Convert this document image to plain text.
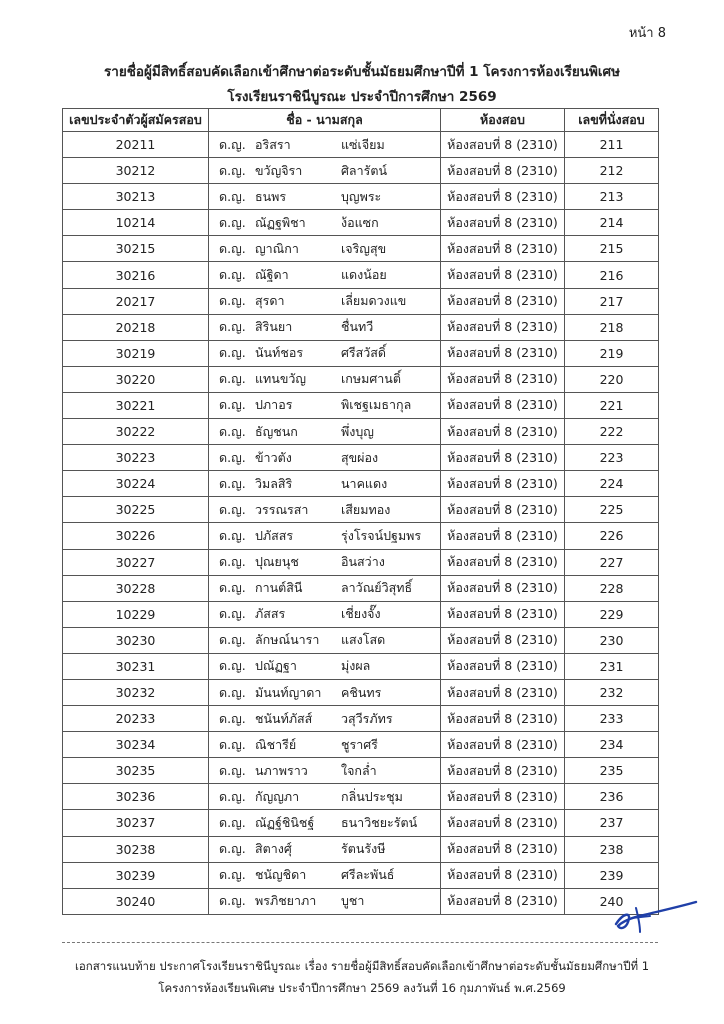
หน้า 8
รายชื่อผู้มีสิทธิ์สอบคัดเลือกเข้าศึกษาต่อระดับชั้นมัธยมศึกษาปีที่ 1 โครงการห้องเรียนพิเศษ
โรงเรียนราชินีบูรณะ ประจำปีการศึกษา 2569
เลขประจำตัวผู้สมัครสอบ	ชื่อ - นามสกุล	ห้องสอบ	เลขที่นั่งสอบ
20211	ด.ญ. อริสรา แซ่เจียม	ห้องสอบที่ 8 (2310)	211
30212	ด.ญ. ขวัญจิรา ศิลารัตน์	ห้องสอบที่ 8 (2310)	212
30213	ด.ญ. ธนพร บุญพระ	ห้องสอบที่ 8 (2310)	213
10214	ด.ญ. ณัฏฐพิชา ง้อแซก	ห้องสอบที่ 8 (2310)	214
30215	ด.ญ. ญาณิกา เจริญสุข	ห้องสอบที่ 8 (2310)	215
30216	ด.ญ. ณัฐิดา แดงน้อย	ห้องสอบที่ 8 (2310)	216
20217	ด.ญ. สุรดา เลี่ยมดวงแข	ห้องสอบที่ 8 (2310)	217
20218	ด.ญ. สิรินยา ชื่นทวี	ห้องสอบที่ 8 (2310)	218
30219	ด.ญ. นันท์ชอร ศรีสวัสดิ์	ห้องสอบที่ 8 (2310)	219
30220	ด.ญ. แทนขวัญ เกษมศานติ์	ห้องสอบที่ 8 (2310)	220
30221	ด.ญ. ปภาอร พิเชฐเมธากุล	ห้องสอบที่ 8 (2310)	221
30222	ด.ญ. ธัญชนก พึ่งบุญ	ห้องสอบที่ 8 (2310)	222
30223	ด.ญ. ข้าวตัง สุขผ่อง	ห้องสอบที่ 8 (2310)	223
30224	ด.ญ. วิมลสิริ นาคแดง	ห้องสอบที่ 8 (2310)	224
30225	ด.ญ. วรรณรสา เสียมทอง	ห้องสอบที่ 8 (2310)	225
30226	ด.ญ. ปภัสสร รุ่งโรจน์ปฐมพร	ห้องสอบที่ 8 (2310)	226
30227	ด.ญ. ปุณยนุช อินสว่าง	ห้องสอบที่ 8 (2310)	227
30228	ด.ญ. กานต์สินี ลาวัณย์วิสุทธิ์	ห้องสอบที่ 8 (2310)	228
10229	ด.ญ. ภัสสร เชี่ยงจั๊ง	ห้องสอบที่ 8 (2310)	229
30230	ด.ญ. ลักษณ์นารา แสงโสด	ห้องสอบที่ 8 (2310)	230
30231	ด.ญ. ปณัฏฐา มุ่งผล	ห้องสอบที่ 8 (2310)	231
30232	ด.ญ. มันนท์ญาดา คชินทร	ห้องสอบที่ 8 (2310)	232
20233	ด.ญ. ชนันท์ภัสส์ วสุวีรภัทร	ห้องสอบที่ 8 (2310)	233
30234	ด.ญ. ณิชารีย์ ชูราศรี	ห้องสอบที่ 8 (2310)	234
30235	ด.ญ. นภาพราว ใจกล่ำ	ห้องสอบที่ 8 (2310)	235
30236	ด.ญ. กัญญภา กลิ่นประชุม	ห้องสอบที่ 8 (2310)	236
30237	ด.ญ. ณัฏฐ์ชินิชฐ์ ธนาวิชยะรัตน์	ห้องสอบที่ 8 (2310)	237
30238	ด.ญ. สิตางศุ์ รัตนรังษี	ห้องสอบที่ 8 (2310)	238
30239	ด.ญ. ชนัญชิดา ศรีละพันธ์	ห้องสอบที่ 8 (2310)	239
30240	ด.ญ. พรภิชยาภา บูชา	ห้องสอบที่ 8 (2310)	240
เอกสารแนบท้าย ประกาศโรงเรียนราชินีบูรณะ เรื่อง รายชื่อผู้มีสิทธิ์สอบคัดเลือกเข้าศึกษาต่อระดับชั้นมัธยมศึกษาปีที่ 1
โครงการห้องเรียนพิเศษ ประจำปีการศึกษา 2569 ลงวันที่ 16 กุมภาพันธ์ พ.ศ.2569
